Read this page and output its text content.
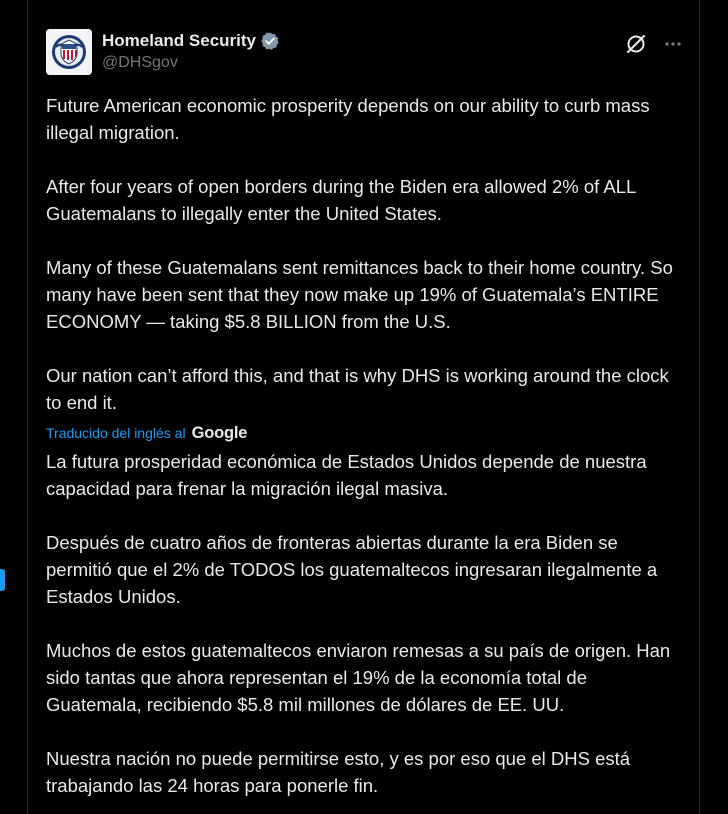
Homeland Security
@DHSgov

Future American economic prosperity depends on our ability to curb mass illegal migration.

After four years of open borders during the Biden era allowed 2% of ALL Guatemalans to illegally enter the United States.

Many of these Guatemalans sent remittances back to their home country. So many have been sent that they now make up 19% of Guatemala’s ENTIRE ECONOMY — taking $5.8 BILLION from the U.S.

Our nation can’t afford this, and that is why DHS is working around the clock to end it.

Traducido del inglés al Google

La futura prosperidad económica de Estados Unidos depende de nuestra capacidad para frenar la migración ilegal masiva.

Después de cuatro años de fronteras abiertas durante la era Biden se permitió que el 2% de TODOS los guatemaltecos ingresaran ilegalmente a Estados Unidos.

Muchos de estos guatemaltecos enviaron remesas a su país de origen. Han sido tantas que ahora representan el 19% de la economía total de Guatemala, recibiendo $5.8 mil millones de dólares de EE. UU.

Nuestra nación no puede permitirse esto, y es por eso que el DHS está trabajando las 24 horas para ponerle fin.
